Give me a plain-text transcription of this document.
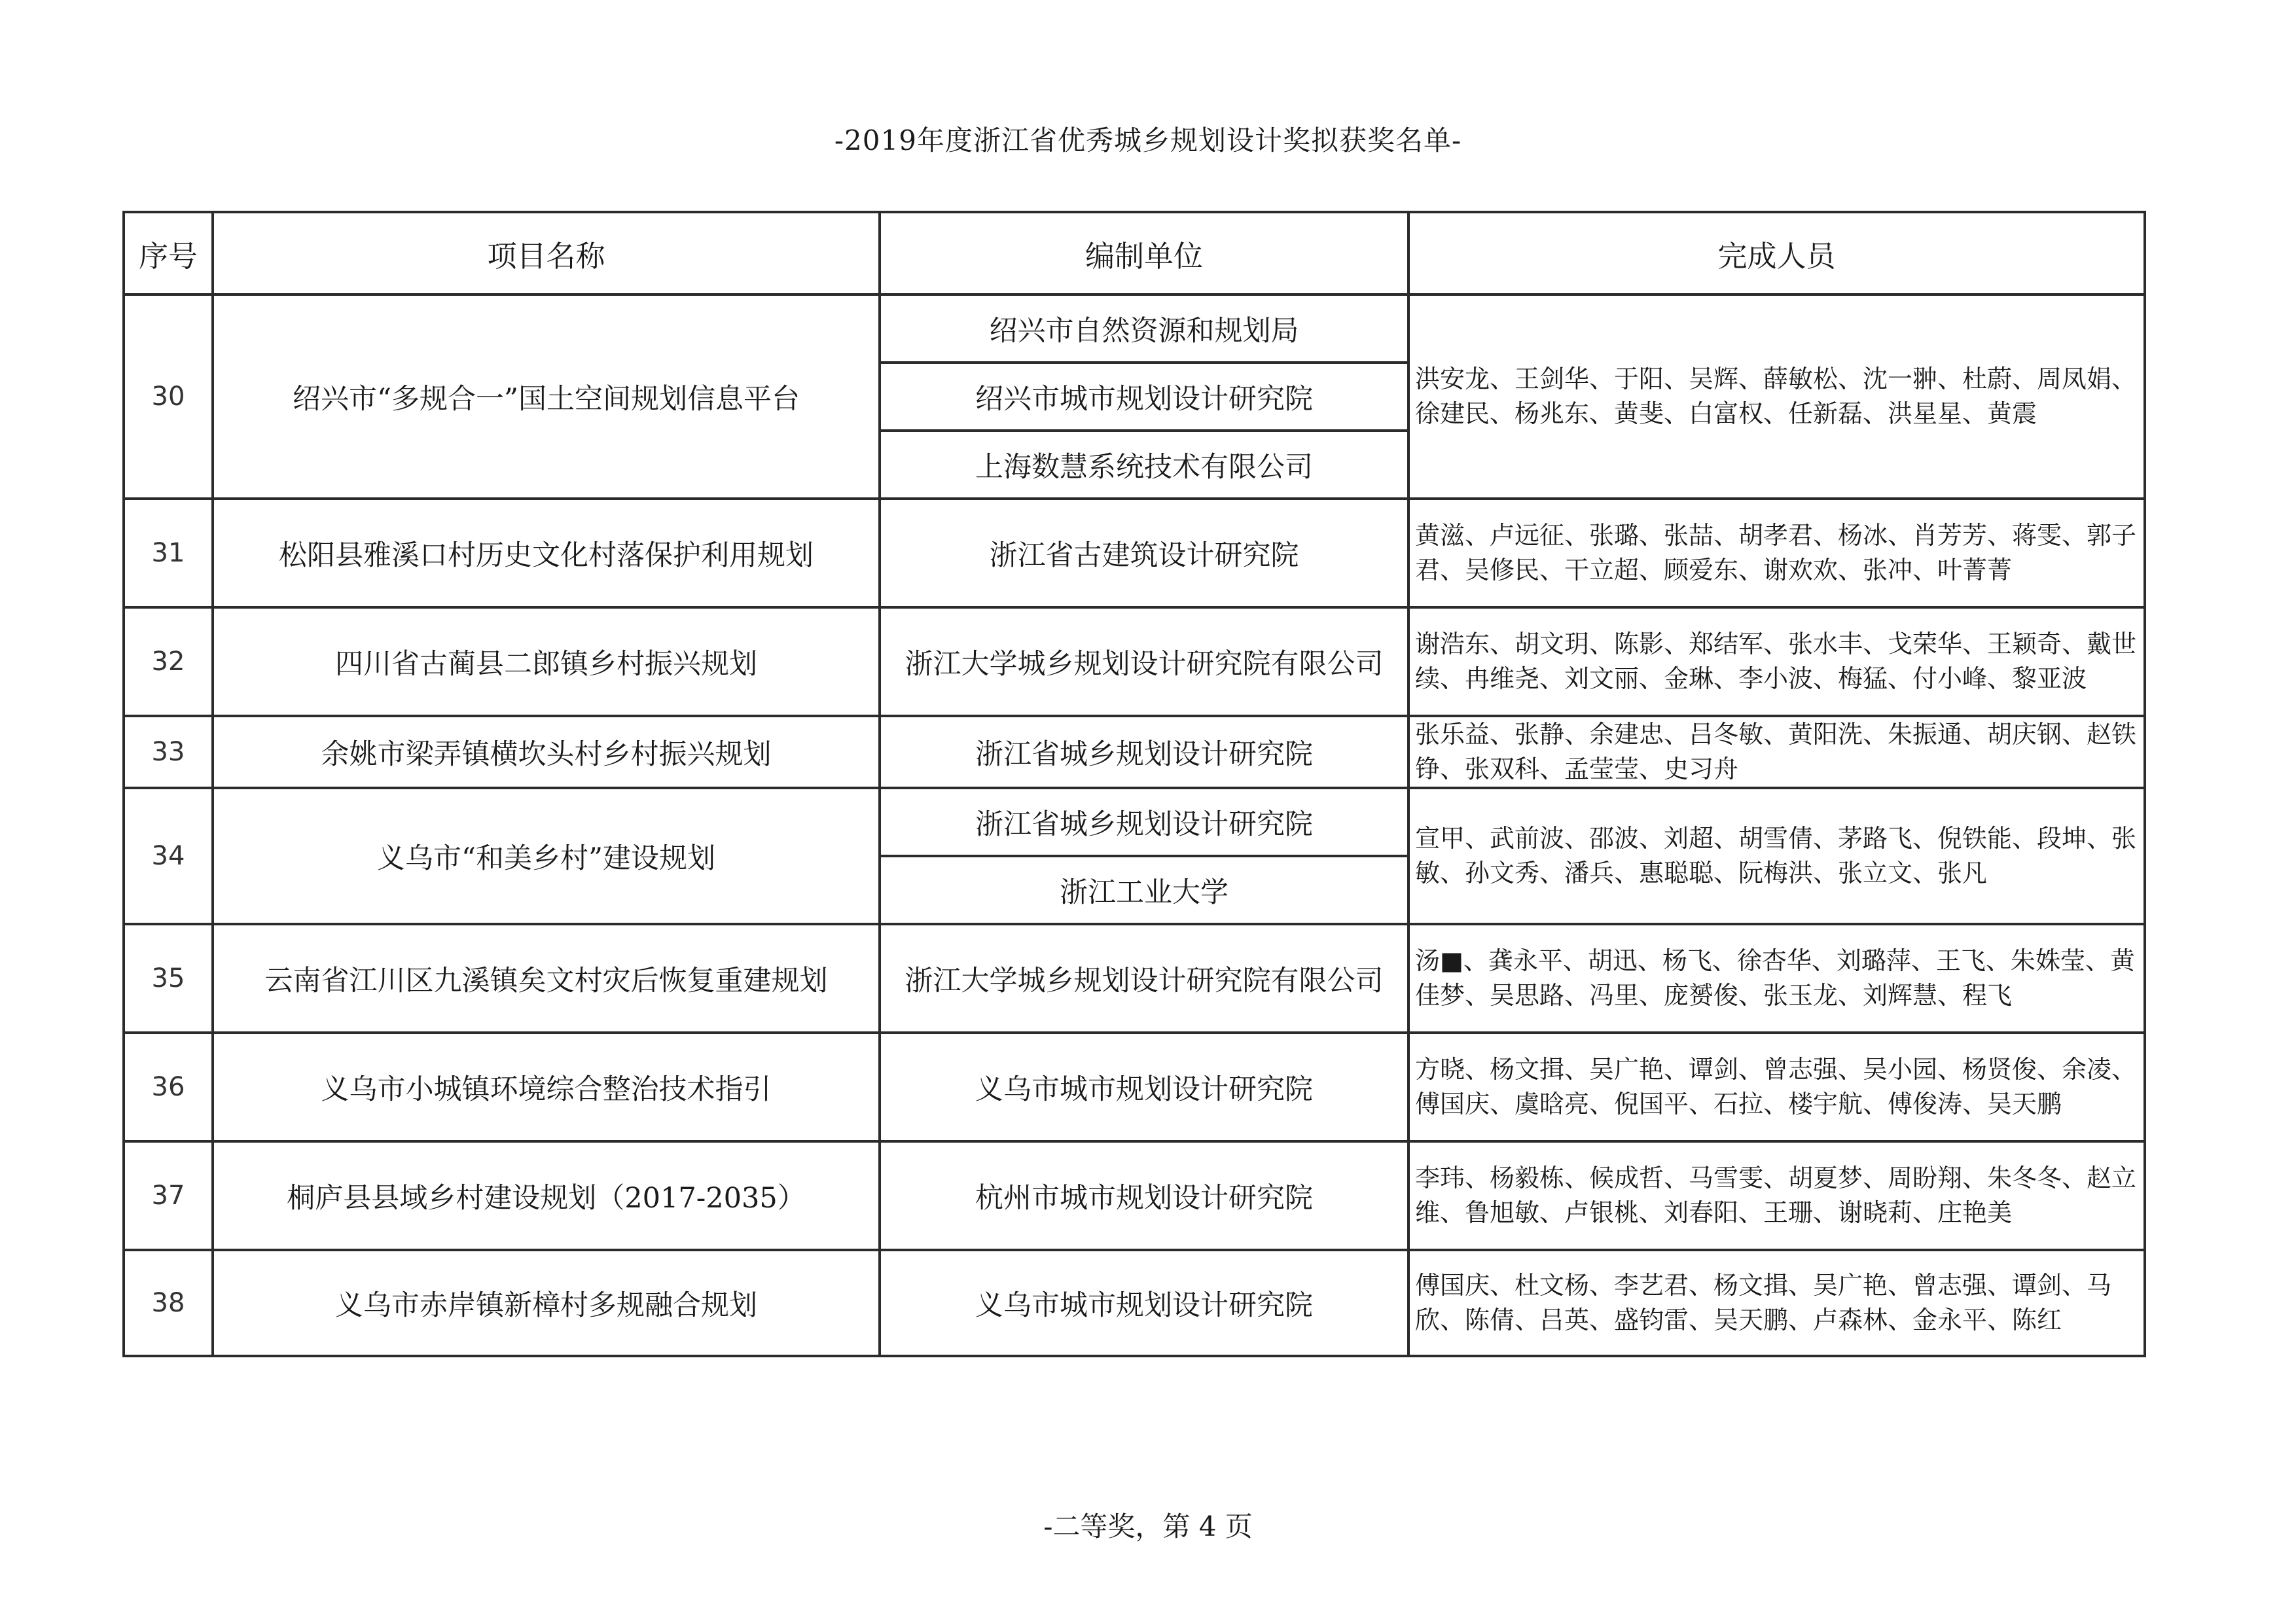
-2019年度浙江省优秀城乡规划设计奖拟获奖名单-
序号	项目名称	编制单位	完成人员
30	绍兴市“多规合一”国土空间规划信息平台	绍兴市自然资源和规划局	洪安龙、王剑华、于阳、吴辉、薛敏松、沈一翀、杜蔚、周凤娟、徐建民、杨兆东、黄斐、白富权、任新磊、洪星星、黄震
		绍兴市城市规划设计研究院	
		上海数慧系统技术有限公司	
31	松阳县雅溪口村历史文化村落保护利用规划	浙江省古建筑设计研究院	黄滋、卢远征、张璐、张喆、胡孝君、杨冰、肖芳芳、蒋雯、郭子君、吴修民、干立超、顾爱东、谢欢欢、张冲、叶菁菁
32	四川省古蔺县二郎镇乡村振兴规划	浙江大学城乡规划设计研究院有限公司	谢浩东、胡文玥、陈影、郑结军、张水丰、戈荣华、王颖奇、戴世续、冉维尧、刘文丽、金琳、李小波、梅猛、付小峰、黎亚波
33	余姚市梁弄镇横坎头村乡村振兴规划	浙江省城乡规划设计研究院	张乐益、张静、余建忠、吕冬敏、黄阳洗、朱振通、胡庆钢、赵铁铮、张双科、孟莹莹、史习舟
34	义乌市“和美乡村”建设规划	浙江省城乡规划设计研究院	宣甲、武前波、邵波、刘超、胡雪倩、茅路飞、倪铁能、段坤、张敏、孙文秀、潘兵、惠聪聪、阮梅洪、张立文、张凡
		浙江工业大学	
35	云南省江川区九溪镇矣文村灾后恢复重建规划	浙江大学城乡规划设计研究院有限公司	汤■、龚永平、胡迅、杨飞、徐杏华、刘璐萍、王飞、朱姝莹、黄佳梦、吴思路、冯里、庞赟俊、张玉龙、刘辉慧、程飞
36	义乌市小城镇环境综合整治技术指引	义乌市城市规划设计研究院	方晓、杨文揖、吴广艳、谭剑、曾志强、吴小园、杨贤俊、余凌、傅国庆、虞晗亮、倪国平、石拉、楼宇航、傅俊涛、吴天鹏
37	桐庐县县域乡村建设规划（2017-2035）	杭州市城市规划设计研究院	李玮、杨毅栋、候成哲、马雪雯、胡夏梦、周盼翔、朱冬冬、赵立维、鲁旭敏、卢银桃、刘春阳、王珊、谢晓莉、庄艳美
38	义乌市赤岸镇新樟村多规融合规划	义乌市城市规划设计研究院	傅国庆、杜文杨、李艺君、杨文揖、吴广艳、曾志强、谭剑、马欣、陈倩、吕英、盛钧雷、吴天鹏、卢森林、金永平、陈红
-二等奖，第 4 页
